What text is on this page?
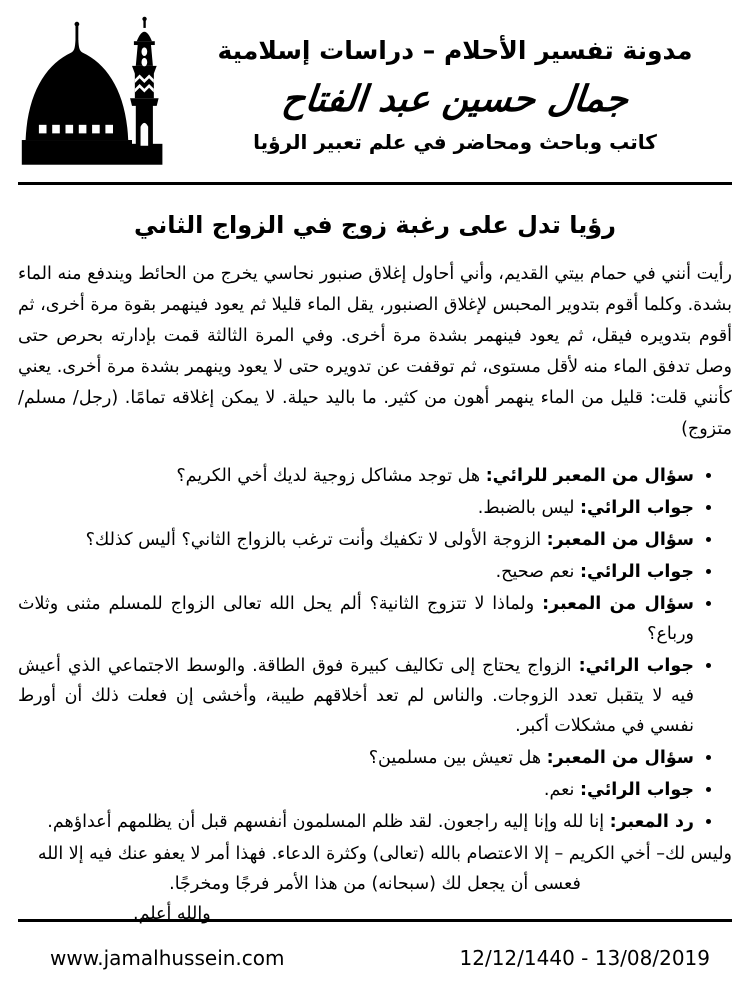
مدونة تفسير الأحلام – دراسات إسلامية
جمال حسين عبد الفتاح
كاتب وباحث ومحاضر في علم تعبير الرؤيا
رؤيا تدل على رغبة زوج في الزواج الثاني

رأيت أنني في حمام بيتي القديم، وأني أحاول إغلاق صنبور نحاسي يخرج من الحائط ويندفع منه الماء بشدة. وكلما أقوم بتدوير المحبس لإغلاق الصنبور، يقل الماء قليلا ثم يعود فينهمر بقوة مرة أخرى، ثم أقوم بتدويره فيقل، ثم يعود فينهمر بشدة مرة أخرى. وفي المرة الثالثة قمت بإدارته بحرص حتى وصل تدفق الماء منه لأقل مستوى، ثم توقفت عن تدويره حتى لا يعود وينهمر بشدة مرة أخرى. يعني كأنني قلت: قليل من الماء ينهمر أهون من كثير. ما باليد حيلة. لا يمكن إغلاقه تمامًا. (رجل/ مسلم/ متزوج)

• سؤال من المعبر للرائي: هل توجد مشاكل زوجية لديك أخي الكريم؟
• جواب الرائي: ليس بالضبط.
• سؤال من المعبر: الزوجة الأولى لا تكفيك وأنت ترغب بالزواج الثاني؟ أليس كذلك؟
• جواب الرائي: نعم صحيح.
• سؤال من المعبر: ولماذا لا تتزوج الثانية؟ ألم يحل الله تعالى الزواج للمسلم مثنى وثلاث ورباع؟
• جواب الرائي: الزواج يحتاج إلى تكاليف كبيرة فوق الطاقة. والوسط الاجتماعي الذي أعيش فيه لا يتقبل تعدد الزوجات. والناس لم تعد أخلاقهم طيبة، وأخشى إن فعلت ذلك أن أورط نفسي في مشكلات أكبر.
• سؤال من المعبر: هل تعيش بين مسلمين؟
• جواب الرائي: نعم.
• رد المعبر: إنا لله وإنا إليه راجعون. لقد ظلم المسلمون أنفسهم قبل أن يظلمهم أعداؤهم.

وليس لك– أخي الكريم – إلا الاعتصام بالله (تعالى) وكثرة الدعاء. فهذا أمر لا يعفو عنك فيه إلا الله

فعسى أن يجعل لك (سبحانه) من هذا الأمر فرجًا ومخرجًا.

والله أعلم.

www.jamalhussein.com	12/12/1440 - 13/08/2019
